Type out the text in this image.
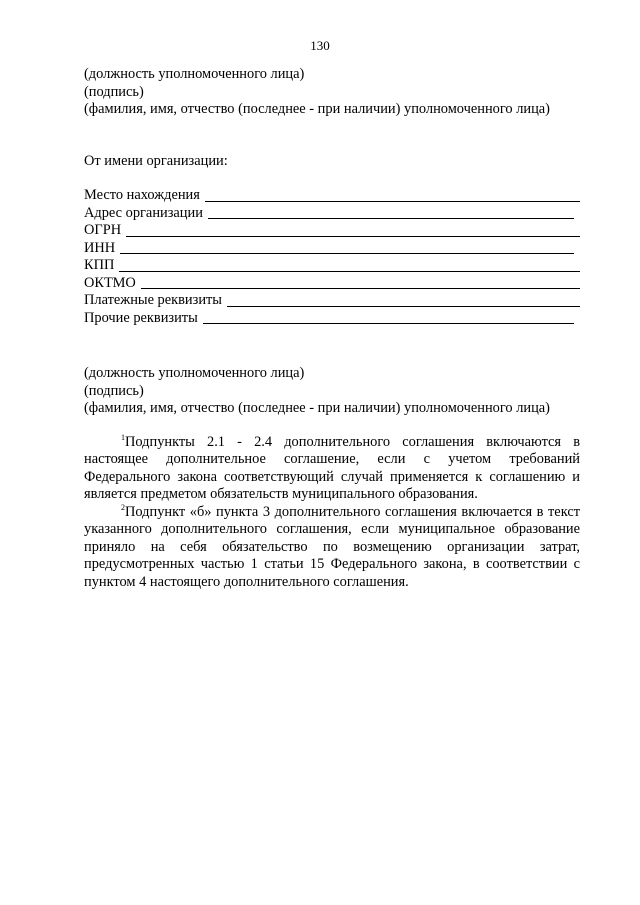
130

(должность уполномоченного лица)

(подпись)

(фамилия, имя, отчество (последнее - при наличии) уполномоченного лица)

От имени организации:

Место нахождения
Адрес организации
ОГРН
ИНН
КПП
ОКТМО
Платежные реквизиты
Прочие реквизиты

(должность уполномоченного лица)

(подпись)

(фамилия, имя, отчество (последнее - при наличии) уполномоченного лица)

$^1$Подпункты 2.1 - 2.4 дополнительного соглашения включаются в настоящее дополнительное соглашение, если с учетом требований Федерального закона соответствующий случай применяется к соглашению и является предметом обязательств муниципального образования.

$^2$Подпункт «б» пункта 3 дополнительного соглашения включается в текст указанного дополнительного соглашения, если муниципальное образование приняло на себя обязательство по возмещению организации затрат, предусмотренных частью 1 статьи 15 Федерального закона, в соответствии с пунктом 4 настоящего дополнительного соглашения.
